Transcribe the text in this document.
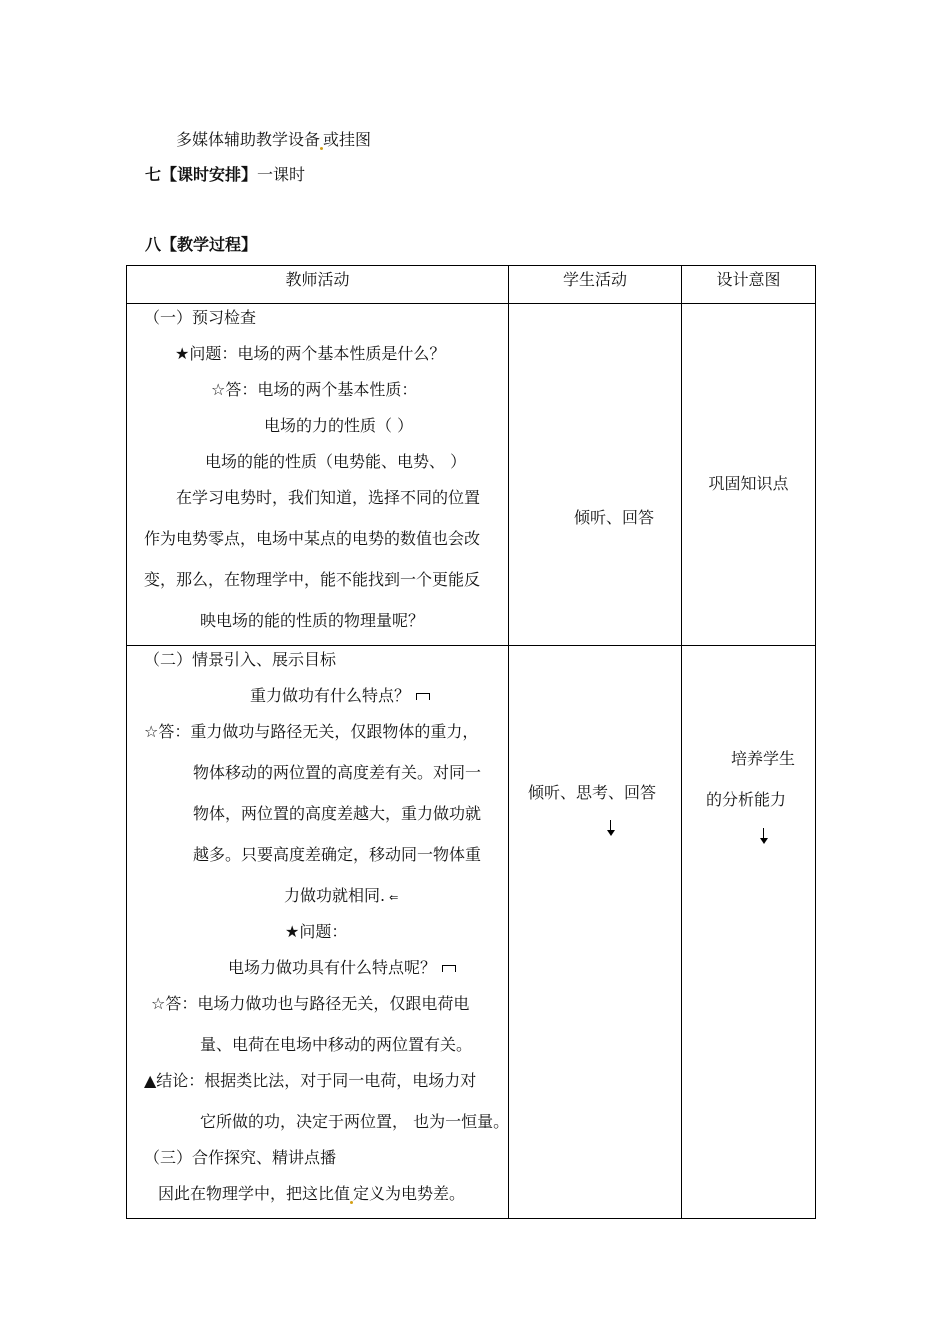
多媒体辅助教学设备 或挂图
七【课时安排】一课时
八【教学过程】
教师活动	学生活动	设计意图
（一）预习检查
★问题：电场的两个基本性质是什么？
☆答：电场的两个基本性质：
电场的力的性质（ ）
电场的能的性质（电势能、电势、 ）
在学习电势时，我们知道，选择不同的位置
作为电势零点，电场中某点的电势的数值也会改
变，那么，在物理学中，能不能找到一个更能反
映电场的能的性质的物理量呢？
倾听、回答
巩固知识点
（二）情景引入、展示目标
重力做功有什么特点？
☆答：重力做功与路径无关，仅跟物体的重力，
物体移动的两位置的高度差有关。对同一
物体，两位置的高度差越大，重力做功就
越多。只要高度差确定，移动同一物体重
力做功就相同. ⇐
★问题：
电场力做功具有什么特点呢？
☆答：电场力做功也与路径无关，仅跟电荷电
量、电荷在电场中移动的两位置有关。
▲结论：根据类比法，对于同一电荷，电场力对
它所做的功，决定于两位置， 也为一恒量。
（三）合作探究、精讲点播
因此在物理学中，把这比值 定义为电势差。
倾听、思考、回答
培养学生
的分析能力
